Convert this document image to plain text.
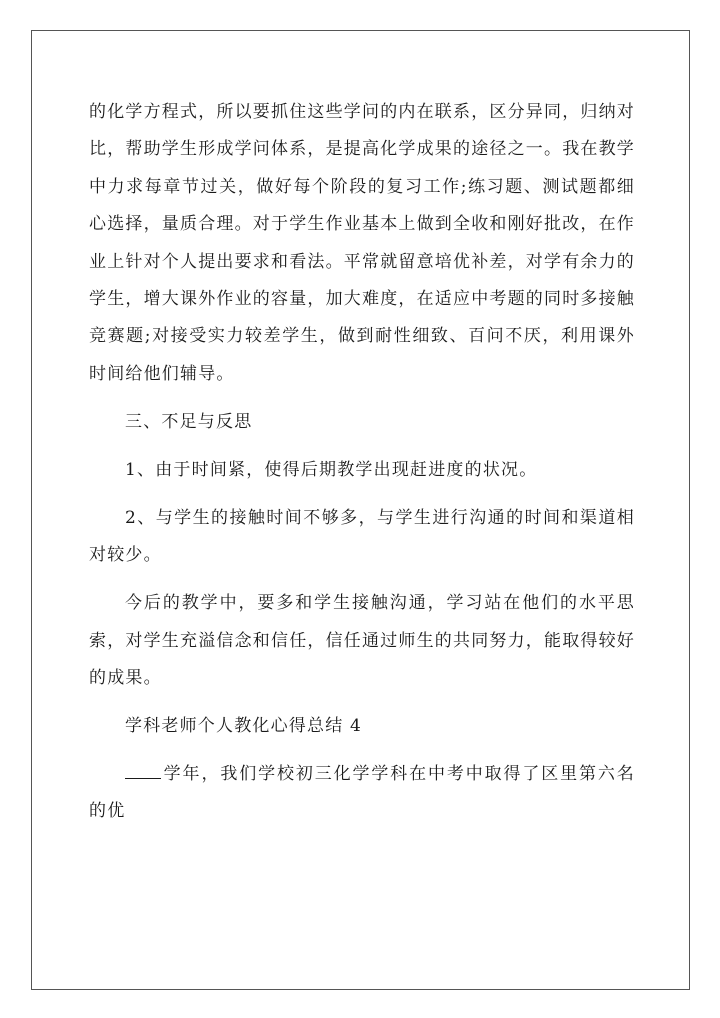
的化学方程式，所以要抓住这些学问的内在联系，区分异同，归纳对比，帮助学生形成学问体系，是提高化学成果的途径之一。我在教学中力求每章节过关，做好每个阶段的复习工作;练习题、测试题都细心选择，量质合理。对于学生作业基本上做到全收和刚好批改，在作业上针对个人提出要求和看法。平常就留意培优补差，对学有余力的学生，增大课外作业的容量，加大难度，在适应中考题的同时多接触竞赛题;对接受实力较差学生，做到耐性细致、百问不厌，利用课外时间给他们辅导。

三、不足与反思

1、由于时间紧，使得后期教学出现赶进度的状况。

2、与学生的接触时间不够多，与学生进行沟通的时间和渠道相对较少。

今后的教学中，要多和学生接触沟通，学习站在他们的水平思索，对学生充溢信念和信任，信任通过师生的共同努力，能取得较好的成果。

学科老师个人教化心得总结 4

学年，我们学校初三化学学科在中考中取得了区里第六名的优
